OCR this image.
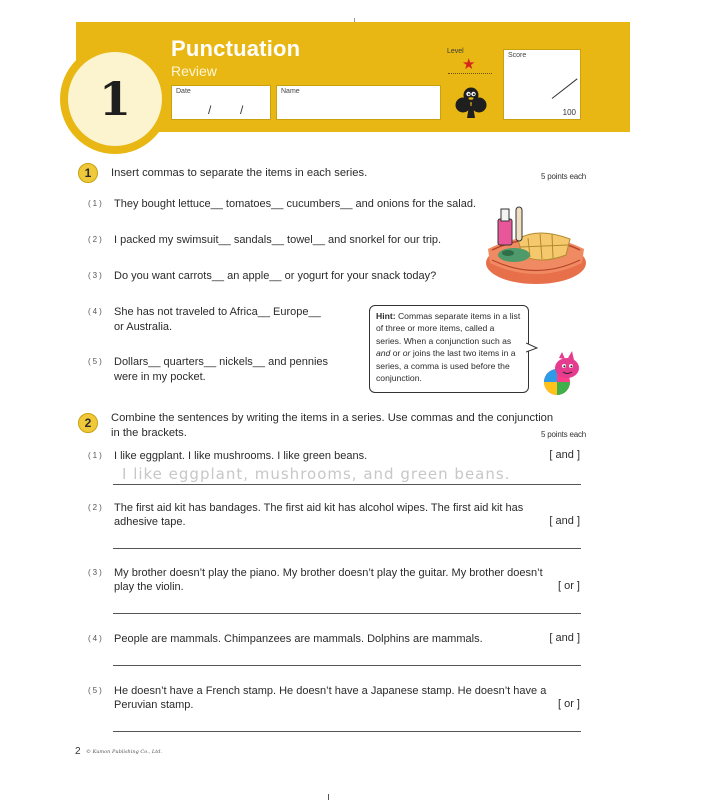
1
Punctuation
Review
Date
/ /
Name
Level
★
Score
100
1	Insert commas to separate the items in each series.	5 points each
(1) They bought lettuce__ tomatoes__ cucumbers__ and onions for the salad.
(2) I packed my swimsuit__ sandals__ towel__ and snorkel for our trip.
(3) Do you want carrots__ an apple__ or yogurt for your snack today?
(4) She has not traveled to Africa__ Europe__
or Australia.
(5) Dollars__ quarters__ nickels__ and pennies
were in my pocket.
Hint: Commas separate items in a list of three or more items, called a series. When a conjunction such as and or or joins the last two items in a series, a comma is used before the conjunction.
2	Combine the sentences by writing the items in a series. Use commas and the conjunction
in the brackets.	5 points each
(1) I like eggplant. I like mushrooms. I like green beans.	[ and ]
I like eggplant, mushrooms, and green beans.
(2) The first aid kit has bandages. The first aid kit has alcohol wipes. The first aid kit has
adhesive tape.	[ and ]
(3) My brother doesn’t play the piano. My brother doesn’t play the guitar. My brother doesn’t
play the violin.	[ or ]
(4) People are mammals. Chimpanzees are mammals. Dolphins are mammals.	[ and ]
(5) He doesn’t have a French stamp. He doesn’t have a Japanese stamp. He doesn’t have a
Peruvian stamp.	[ or ]
2 © Kumon Publishing Co., Ltd.
